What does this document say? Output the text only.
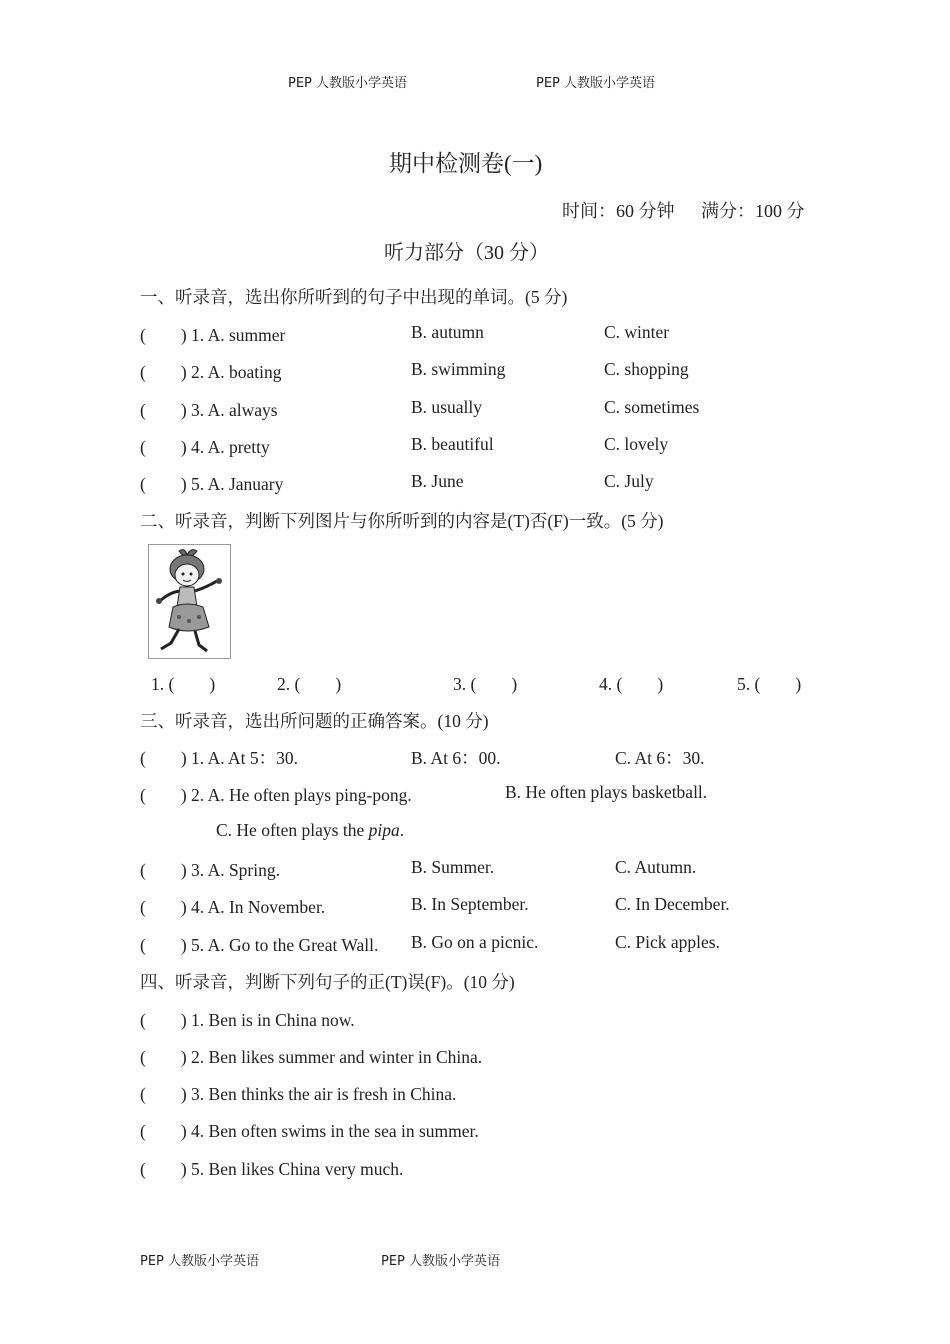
PEP 人教版小学英语	PEP 人教版小学英语
期中检测卷(一)
时间：60 分钟 满分：100 分
听力部分（30 分）
一、听录音，选出你所听到的句子中出现的单词。(5 分)
(　　) 1. A. summer	B. autumn	C. winter
(　　) 2. A. boating	B. swimming	C. shopping
(　　) 3. A. always	B. usually	C. sometimes
(　　) 4. A. pretty	B. beautiful	C. lovely
(　　) 5. A. January	B. June	C. July
二、听录音，判断下列图片与你所听到的内容是(T)否(F)一致。(5 分)
1. (　　)	2. (　　)	3. (　　)	4. (　　)	5. (　　)
三、听录音，选出所问题的正确答案。(10 分)
(　　) 1. A. At 5：30.	B. At 6：00.	C. At 6：30.
(　　) 2. A. He often plays ping-pong.	B. He often plays basketball.
C. He often plays the pipa.
(　　) 3. A. Spring.	B. Summer.	C. Autumn.
(　　) 4. A. In November.	B. In September.	C. In December.
(　　) 5. A. Go to the Great Wall. B. Go on a picnic.	C. Pick apples.
四、听录音，判断下列句子的正(T)误(F)。(10 分)
(　　) 1. Ben is in China now.
(　　) 2. Ben likes summer and winter in China.
(　　) 3. Ben thinks the air is fresh in China.
(　　) 4. Ben often swims in the sea in summer.
(　　) 5. Ben likes China very much.
PEP 人教版小学英语	PEP 人教版小学英语
